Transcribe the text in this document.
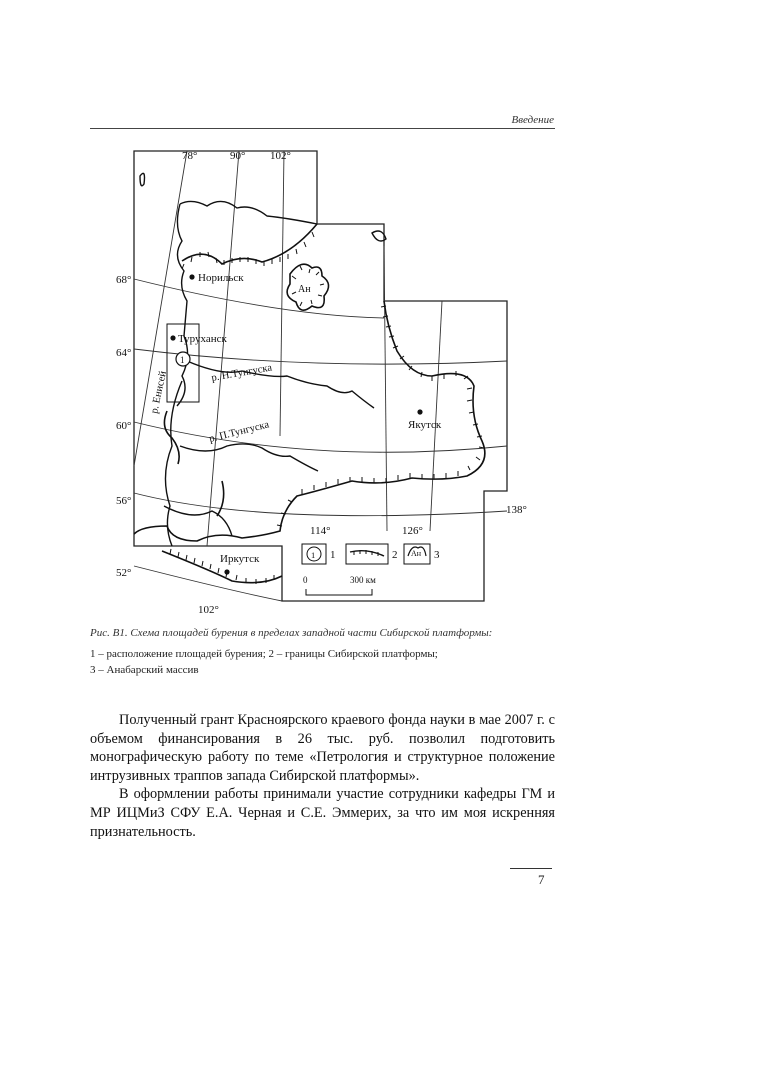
Введение
Ан
1
Норильск
Туруханск
Якутск
Иркутск
р. Енисей	р. Н.Тунгуска
р. П.Тунгуска
78°	90° 102°
114°	126°
138°
102°
68°
64°
60°
56°
52°
1 1	2 Ан 3
0	300 км
Рис. В1. Схема площадей бурения в пределах западной части Сибирской платформы:
1 – расположение площадей бурения; 2 – границы Сибирской платформы;
3 – Анабарский массив

Полученный грант Красноярского краевого фонда науки в мае 2007 г. с объемом финансирования в 26 тыс. руб. позволил подготовить монографическую работу по теме «Петрология и структурное положение интрузивных траппов запада Сибирской платформы».

В оформлении работы принимали участие сотрудники кафедры ГМ и МР ИЦМиЗ СФУ Е.А. Черная и С.Е. Эммерих, за что им моя искренняя признательность.

7
